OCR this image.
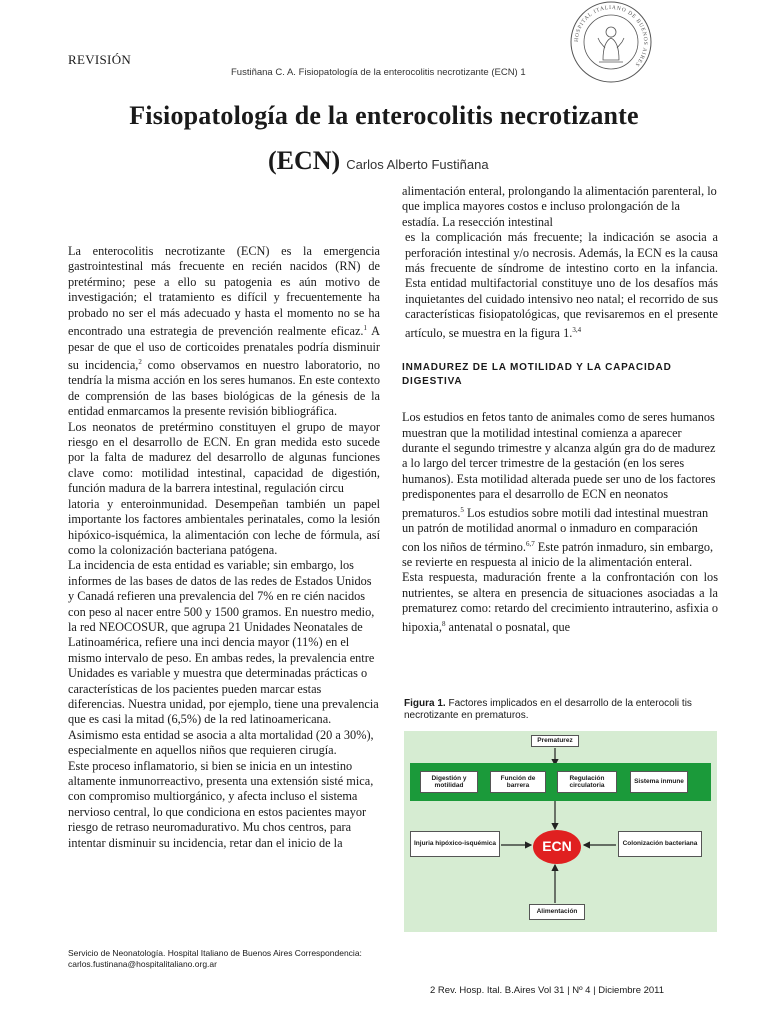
REVISIÓN
Fustiñana C. A. Fisiopatología de la enterocolitis necrotizante (ECN) 1
HOSPITAL ITALIANO DE BUENOS AIRES
Fisiopatología de la enterocolitis necrotizante
(ECN) Carlos Alberto Fustiñana

La enterocolitis necrotizante (ECN) es la emergencia gastrointestinal más frecuente en recién nacidos (RN) de pretérmino; pese a ello su patogenia es aún motivo de investigación; el tratamiento es difícil y frecuentemente ha probado no ser el más adecuado y hasta el momento no se ha encontrado una estrategia de prevención realmente eficaz.$^1$ A pesar de que el uso de corticoides prenatales podría disminuir su incidencia,$^2$ como observamos en nuestro laboratorio, no tendría la misma acción en los seres humanos. En este contexto de comprensión de las bases biológicas de la génesis de la entidad enmarcamos la presente revisión bibliográfica.

Los neonatos de pretérmino constituyen el grupo de mayor riesgo en el desarrollo de ECN. En gran medida esto sucede por la falta de madurez del desarrollo de algunas funciones clave como: motilidad intestinal, capacidad de digestión, función madura de la barrera intestinal, regulación circu

latoria y enteroinmunidad. Desempeñan también un papel importante los factores ambientales perinatales, como la lesión hipóxico-isquémica, la alimentación con leche de fórmula, así como la colonización bacteriana patógena.

La incidencia de esta entidad es variable; sin embargo, los informes de las bases de datos de las redes de Estados Unidos y Canadá refieren una prevalencia del 7% en re cién nacidos con peso al nacer entre 500 y 1500 gramos. En nuestro medio, la red NEOCOSUR, que agrupa 21 Unidades Neonatales de Latinoamérica, refiere una inci dencia mayor (11%) en el mismo intervalo de peso. En ambas redes, la prevalencia entre Unidades es variable y muestra que determinadas prácticas o características de los pacientes pueden marcar estas diferencias. Nuestra unidad, por ejemplo, tiene una prevalencia que es casi la mitad (6,5%) de la red latinoamericana. Asimismo esta entidad se asocia a alta mortalidad (20 a 30%), especialmente en aquellos niños que requieren cirugía.

Este proceso inflamatorio, si bien se inicia en un intestino altamente inmunorreactivo, presenta una extensión sisté mica, con compromiso multiorgánico, y afecta incluso el sistema nervioso central, lo que condiciona en estos pacientes mayor riesgo de retraso neuromadurativo. Mu chos centros, para intentar disminuir su incidencia, retar dan el inicio de la

alimentación enteral, prolongando la alimentación parenteral, lo que implica mayores costos e incluso prolongación de la estadía. La resección intestinal

es la complicación más frecuente; la indicación se asocia a perforación intestinal y/o necrosis. Además, la ECN es la causa más frecuente de síndrome de intestino corto en la infancia. Esta entidad multifactorial constituye uno de los desafíos más inquietantes del cuidado intensivo neo natal; el recorrido de sus características fisiopatológicas, que revisaremos en el presente artículo, se muestra en la figura 1.$^{3,4}$

INMADUREZ DE LA MOTILIDAD Y LA CAPACIDAD DIGESTIVA

Los estudios en fetos tanto de animales como de seres humanos muestran que la motilidad intestinal comienza a aparecer durante el segundo trimestre y alcanza algún gra do de madurez a lo largo del tercer trimestre de la gestación (en los seres humanos). Esta motilidad alterada puede ser uno de los factores predisponentes para el desarrollo de ECN en neonatos prematuros.$^5$ Los estudios sobre motili dad intestinal muestran un patrón de motilidad anormal o inmaduro en comparación con los niños de término.$^{6,7}$ Este patrón inmaduro, sin embargo, se revierte en respuesta al inicio de la alimentación enteral.

Esta respuesta, maduración frente a la confrontación con los nutrientes, se altera en presencia de situaciones asociadas a la prematurez como: retardo del crecimiento intrauterino, asfixia o hipoxia,$^8$ antenatal o posnatal, que

Figura 1. Factores implicados en el desarrollo de la enterocoli tis necrotizante en prematuros.
Prematurez
Digestión y motilidad
Función de barrera
Regulación circulatoria
Sistema inmune
Injuria hipóxico-isquémica	ECN	Colonización bacteriana
Alimentación
Servicio de Neonatología. Hospital Italiano de Buenos Aires Correspondencia:
carlos.fustinana@hospitalitaliano.org.ar
2 Rev. Hosp. Ital. B.Aires Vol 31 | Nº 4 | Diciembre 2011
